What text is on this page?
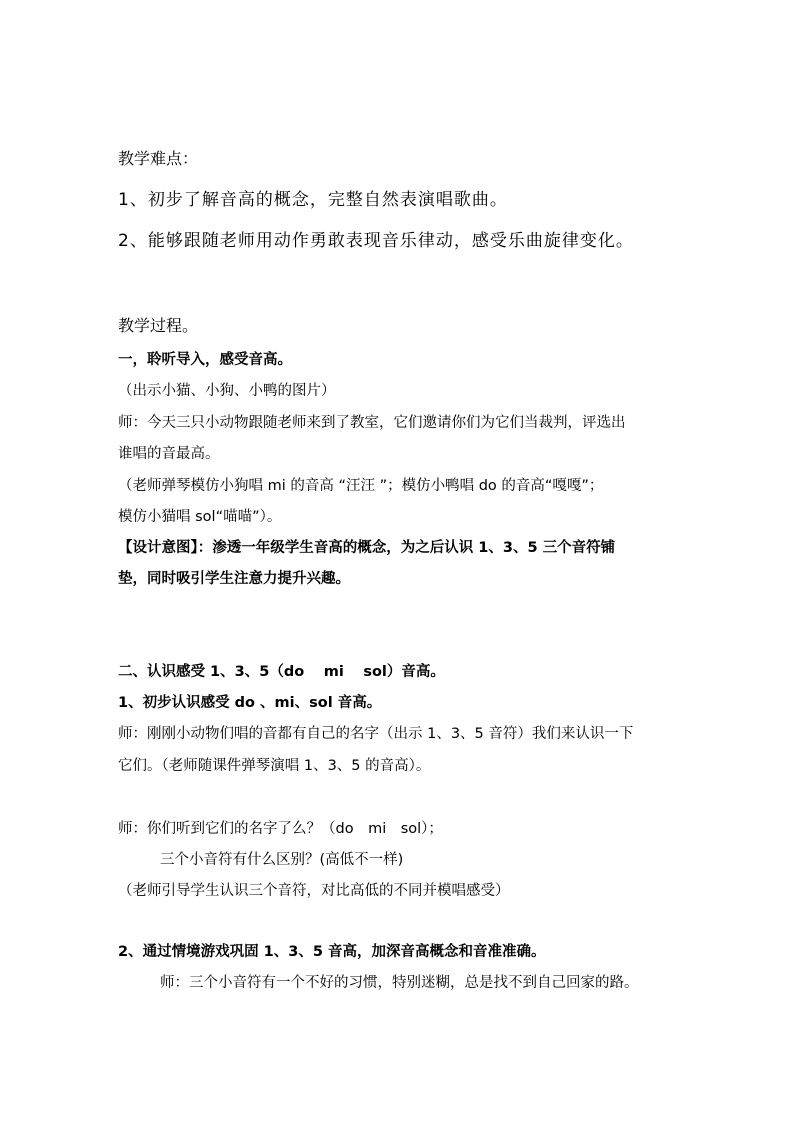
教学难点：
1、初步了解音高的概念，完整自然表演唱歌曲。
2、能够跟随老师用动作勇敢表现音乐律动，感受乐曲旋律变化。
教学过程。
一，聆听导入，感受音高。
（出示小猫、小狗、小鸭的图片）
师：今天三只小动物跟随老师来到了教室，它们邀请你们为它们当裁判，评选出
谁唱的音最高。
（老师弹琴模仿小狗唱 mi 的音高 “汪汪 ”；模仿小鸭唱 do 的音高“嘎嘎”；
模仿小猫唱 sol“喵喵”）。
【设计意图】：渗透一年级学生音高的概念，为之后认识 1、3、5 三个音符铺
垫，同时吸引学生注意力提升兴趣。
二、认识感受 1、3、5（do　 mi　 sol）音高。
1、初步认识感受 do 、mi、sol 音高。
师：刚刚小动物们唱的音都有自己的名字（出示 1、3、5 音符）我们来认识一下
它们。（老师随课件弹琴演唱 1、3、5 的音高）。
师：你们听到它们的名字了么？（do　mi　sol）；
三个小音符有什么区别？(高低不一样)
（老师引导学生认识三个音符，对比高低的不同并模唱感受）
2、通过情境游戏巩固 1、3、5 音高，加深音高概念和音准准确。
师：三个小音符有一个不好的习惯，特别迷糊，总是找不到自己回家的路。
